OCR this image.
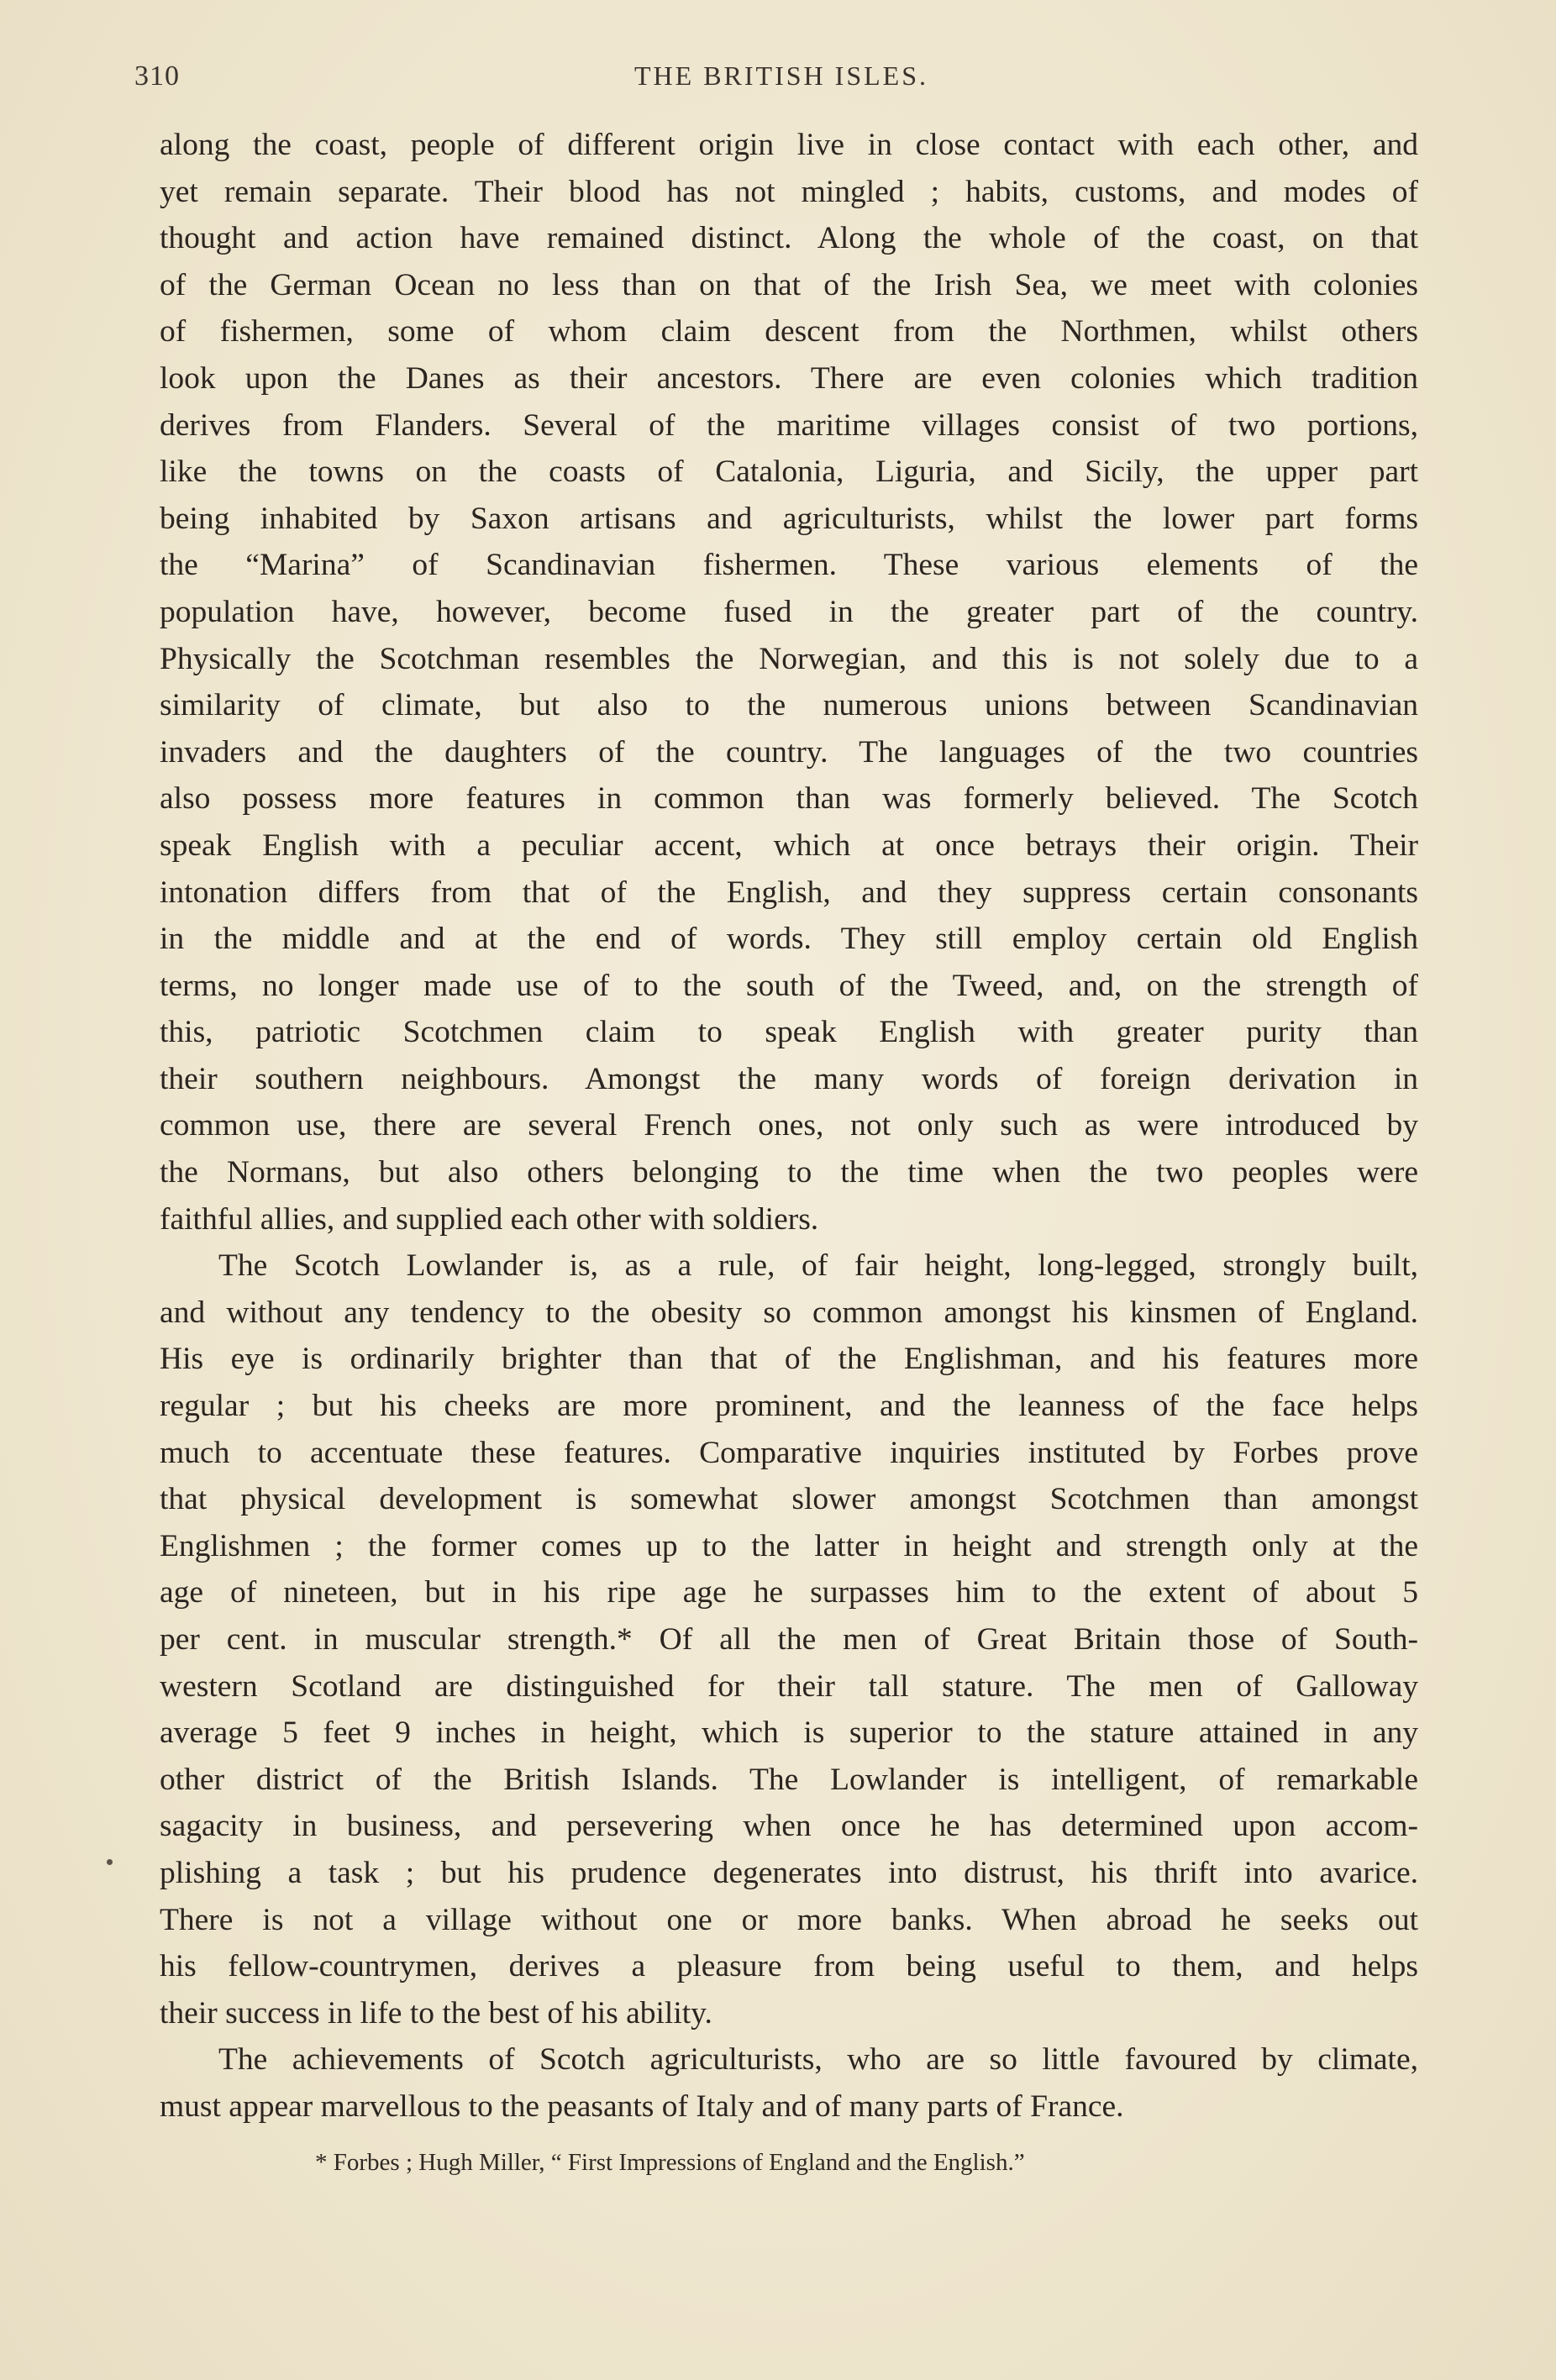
310	THE BRITISH ISLES.
along the coast, people of different origin live in close contact with each other, and
yet remain separate. Their blood has not mingled ; habits, customs, and modes of
thought and action have remained distinct. Along the whole of the coast, on that
of the German Ocean no less than on that of the Irish Sea, we meet with colonies
of fishermen, some of whom claim descent from the Northmen, whilst others
look upon the Danes as their ancestors. There are even colonies which tradition
derives from Flanders. Several of the maritime villages consist of two portions,
like the towns on the coasts of Catalonia, Liguria, and Sicily, the upper part
being inhabited by Saxon artisans and agriculturists, whilst the lower part forms
the “Marina” of Scandinavian fishermen. These various elements of the
population have, however, become fused in the greater part of the country.
Physically the Scotchman resembles the Norwegian, and this is not solely due to a
similarity of climate, but also to the numerous unions between Scandinavian
invaders and the daughters of the country. The languages of the two countries
also possess more features in common than was formerly believed. The Scotch
speak English with a peculiar accent, which at once betrays their origin. Their
intonation differs from that of the English, and they suppress certain consonants
in the middle and at the end of words. They still employ certain old English
terms, no longer made use of to the south of the Tweed, and, on the strength of
this, patriotic Scotchmen claim to speak English with greater purity than
their southern neighbours. Amongst the many words of foreign derivation in
common use, there are several French ones, not only such as were introduced by
the Normans, but also others belonging to the time when the two peoples were
faithful allies, and supplied each other with soldiers.
The Scotch Lowlander is, as a rule, of fair height, long-legged, strongly built,
and without any tendency to the obesity so common amongst his kinsmen of England.
His eye is ordinarily brighter than that of the Englishman, and his features more
regular ; but his cheeks are more prominent, and the leanness of the face helps
much to accentuate these features. Comparative inquiries instituted by Forbes prove
that physical development is somewhat slower amongst Scotchmen than amongst
Englishmen ; the former comes up to the latter in height and strength only at the
age of nineteen, but in his ripe age he surpasses him to the extent of about 5
per cent. in muscular strength.* Of all the men of Great Britain those of South-
western Scotland are distinguished for their tall stature. The men of Galloway
average 5 feet 9 inches in height, which is superior to the stature attained in any
other district of the British Islands. The Lowlander is intelligent, of remarkable
sagacity in business, and persevering when once he has determined upon accom-
plishing a task ; but his prudence degenerates into distrust, his thrift into avarice.
There is not a village without one or more banks. When abroad he seeks out
his fellow-countrymen, derives a pleasure from being useful to them, and helps
their success in life to the best of his ability.
The achievements of Scotch agriculturists, who are so little favoured by climate,
must appear marvellous to the peasants of Italy and of many parts of France.
* Forbes ; Hugh Miller, “ First Impressions of England and the English.”
